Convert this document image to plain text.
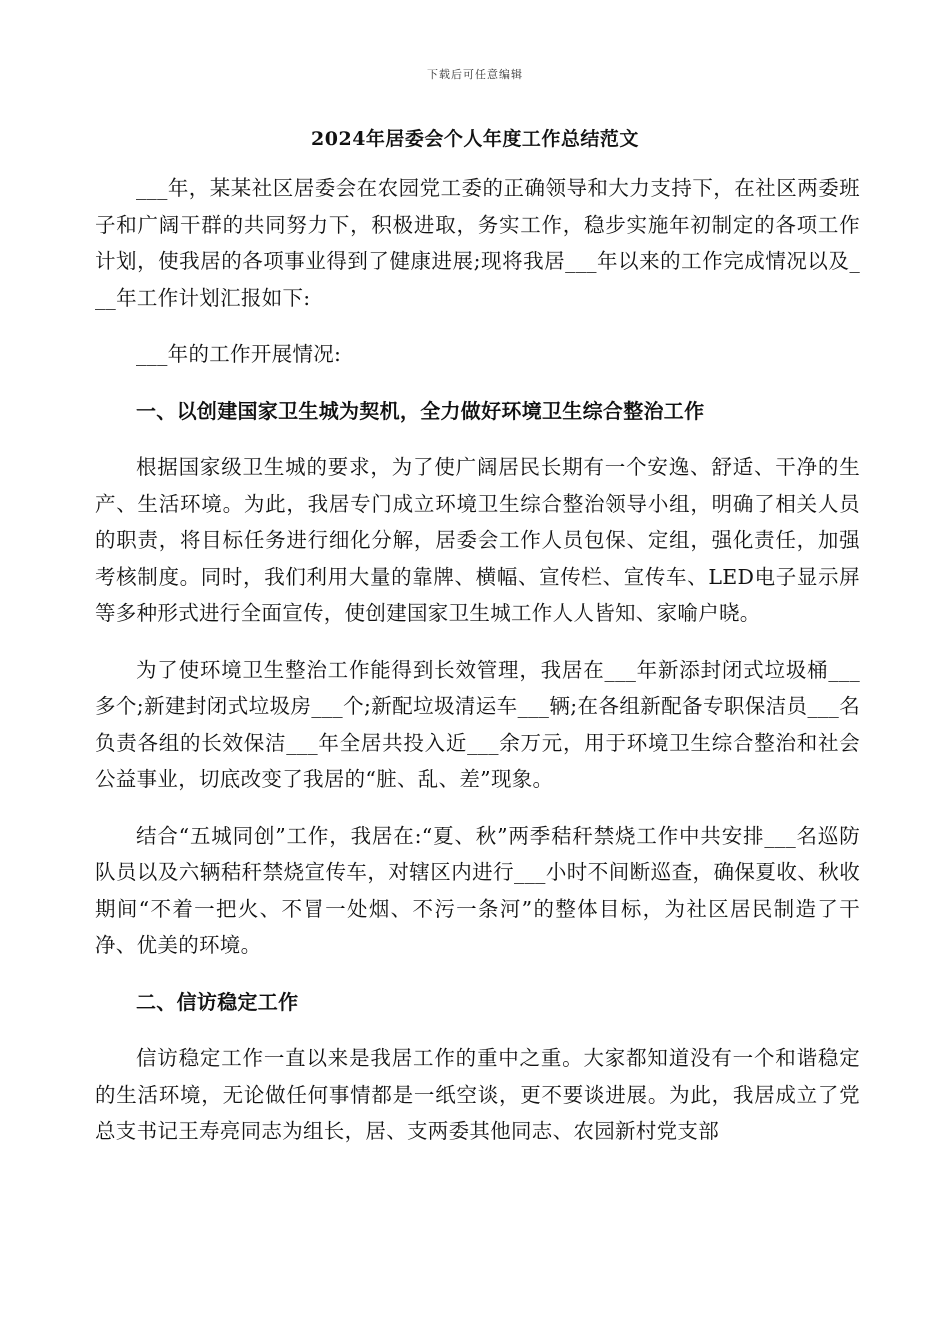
下载后可任意编辑
2024年居委会个人年度工作总结范文

___年，某某社区居委会在农园党工委的正确领导和大力支持下，在社区两委班子和广阔干群的共同努力下，积极进取，务实工作，稳步实施年初制定的各项工作计划，使我居的各项事业得到了健康进展;现将我居___年以来的工作完成情况以及___年工作计划汇报如下:

___年的工作开展情况:

一、以创建国家卫生城为契机，全力做好环境卫生综合整治工作

根据国家级卫生城的要求，为了使广阔居民长期有一个安逸、舒适、干净的生产、生活环境。为此，我居专门成立环境卫生综合整治领导小组，明确了相关人员的职责，将目标任务进行细化分解，居委会工作人员包保、定组，强化责任，加强考核制度。同时，我们利用大量的靠牌、横幅、宣传栏、宣传车、LED电子显示屏等多种形式进行全面宣传，使创建国家卫生城工作人人皆知、家喻户晓。

为了使环境卫生整治工作能得到长效管理，我居在___年新添封闭式垃圾桶___多个;新建封闭式垃圾房___个;新配垃圾清运车___辆;在各组新配备专职保洁员___名负责各组的长效保洁___年全居共投入近___余万元，用于环境卫生综合整治和社会公益事业，切底改变了我居的“脏、乱、差”现象。

结合“五城同创”工作，我居在:“夏、秋”两季秸秆禁烧工作中共安排___名巡防队员以及六辆秸秆禁烧宣传车，对辖区内进行___小时不间断巡查，确保夏收、秋收期间“不着一把火、不冒一处烟、不污一条河”的整体目标，为社区居民制造了干净、优美的环境。

二、信访稳定工作

信访稳定工作一直以来是我居工作的重中之重。大家都知道没有一个和谐稳定的生活环境，无论做任何事情都是一纸空谈，更不要谈进展。为此，我居成立了党总支书记王寿亮同志为组长，居、支两委其他同志、农园新村党支部
